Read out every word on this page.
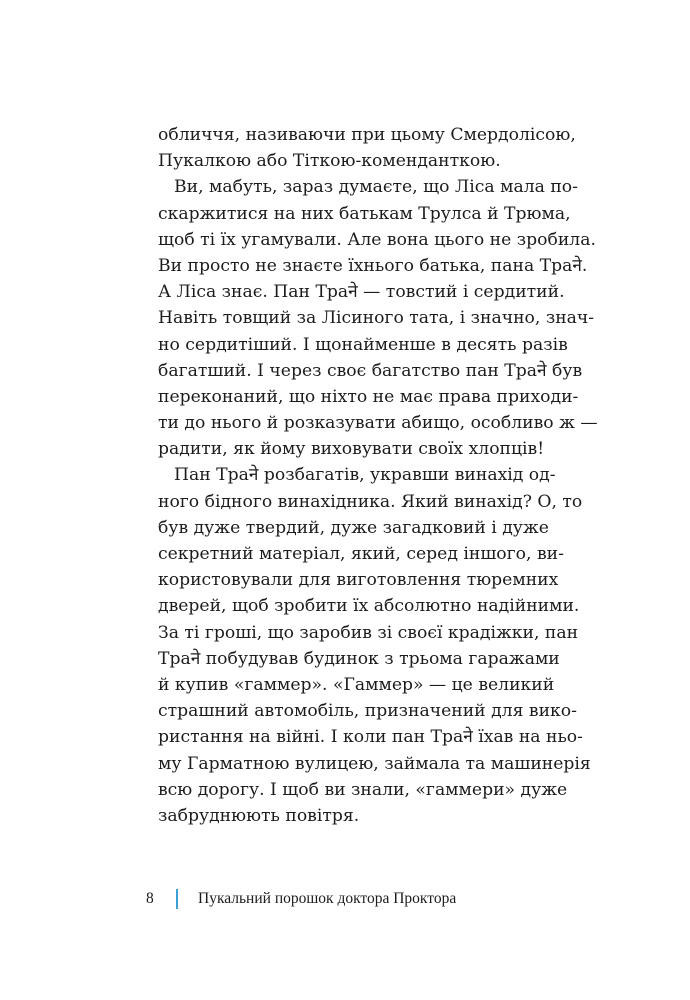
обличчя, називаючи при цьому Смердолісою,
Пукалкою або Тіткою-коменданткою.
Ви, мабуть, зараз думаєте, що Ліса мала по-
скаржитися на них батькам Трулса й Трюма,
щоб ті їх угамували. Але вона цього не зробила.
Ви просто не знаєте їхнього батька, пана Траने.
А Ліса знає. Пан Траने — товстий і сердитий.
Навіть товщий за Лісиного тата, і значно, знач-
но сердитіший. І щонайменше в десять разів
багатший. І через своє багатство пан Траने був
переконаний, що ніхто не має права приходи-
ти до нього й розказувати абищо, особливо ж —
радити, як йому виховувати своїх хлопців!
Пан Траने розбагатів, укравши винахід од-
ного бідного винахідника. Який винахід? О, то
був дуже твердий, дуже загадковий і дуже
секретний матеріал, який, серед іншого, ви-
користовували для виготовлення тюремних
дверей, щоб зробити їх абсолютно надійними.
За ті гроші, що заробив зі своєї крадіжки, пан
Траने побудував будинок з трьома гаражами
й купив «гаммер». «Гаммер» — це великий
страшний автомобіль, призначений для вико-
ристання на війні. І коли пан Траने їхав на ньо-
му Гарматною вулицею, займала та машинерія
всю дорогу. І щоб ви знали, «гаммери» дуже
забруднюють повітря.
8	Пукальний порошок доктора Проктора
